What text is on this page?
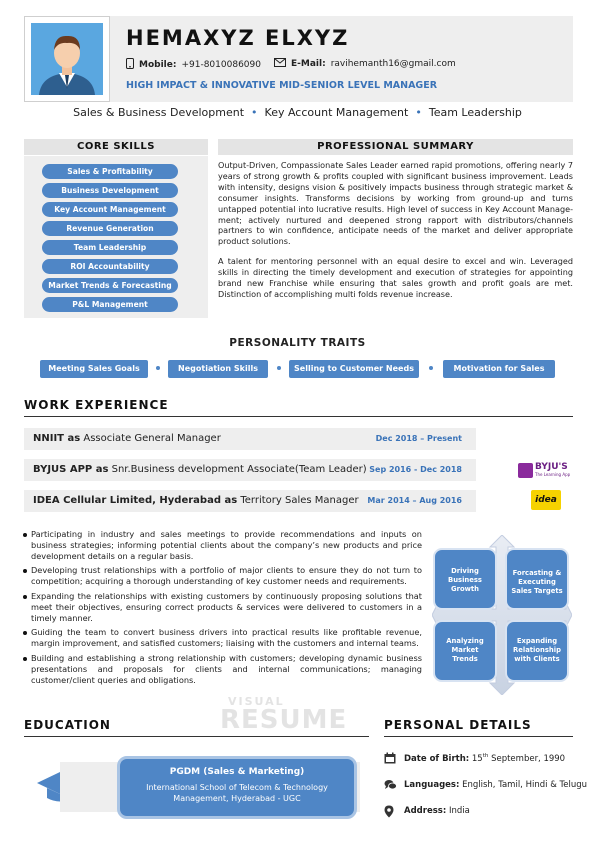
HEMAXYZ ELXYZ
Mobile: +91-8010086090	E-Mail: ravihemanth16@gmail.com
HIGH IMPACT & INNOVATIVE MID-SENIOR LEVEL MANAGER
Sales & Business Development • Key Account Management • Team Leadership
CORE SKILLS
Sales & Profitability
Business Development
Key Account Management
Revenue Generation
Team Leadership
ROI Accountability
Market Trends & Forecasting
P&L Management
PROFESSIONAL SUMMARY

Output-Driven, Compassionate Sales Leader earned rapid promotions, offering nearly 7 years of strong growth & profits coupled with significant business improvement. Leads with intensity, designs vision & positively impacts business through strategic market & consumer insights. Transforms decisions by working from ground-up and turns untapped potential into lucrative results. High level of success in Key Account Manage-ment; actively nurtured and deepened strong rapport with distributors/channels partners to win confidence, anticipate needs of the market and deliver appropriate product solutions.

A talent for mentoring personnel with an equal desire to excel and win. Leveraged skills in directing the timely development and execution of strategies for appointing brand new Franchise while ensuring that sales growth and profit goals are met. Distinction of accomplishing multi folds revenue increase.

PERSONALITY TRAITS
Meeting Sales Goals	Negotiation Skills	Selling to Customer Needs	Motivation for Sales
WORK EXPERIENCE
NNIIT as Associate General Manager	Dec 2018 – Present
BYJUS APP as Snr.Business development Associate(Team Leader) Sep 2016 - Dec 2018
IDEA Cellular Limited, Hyderabad as Territory Sales Manager Mar 2014 – Aug 2016
BYJU'S
The Learning App
idea
Participating in industry and sales meetings to provide recommendations and inputs on business strategies; informing potential clients about the company’s new products and price development details on a regular basis.
Developing trust relationships with a portfolio of major clients to ensure they do not turn to competition; acquiring a thorough understanding of key customer needs and requirements.
Expanding the relationships with existing customers by continuously proposing solutions that meet their objectives, ensuring correct products & services were delivered to customers in a timely manner.
Guiding the team to convert business drivers into practical results like profitable revenue, margin improvement, and satisfied customers; liaising with the customers and internal teams.
Building and establishing a strong relationship with customers; developing dynamic business presentations and proposals for clients and internal communications; managing customer/client queries and obligations.
Driving
Business
Growth
Forcasting &
Executing
Sales Targets
Analyzing
Market
Trends
Expanding
Relationship
with Clients
VISUAL
RESUME
EDUCATION
PGDM (Sales & Marketing)
International School of Telecom & Technology
Management, Hyderabad - UGC
PERSONAL DETAILS
Date of Birth: 15th September, 1990
Languages: English, Tamil, Hindi & Telugu
Address: India
